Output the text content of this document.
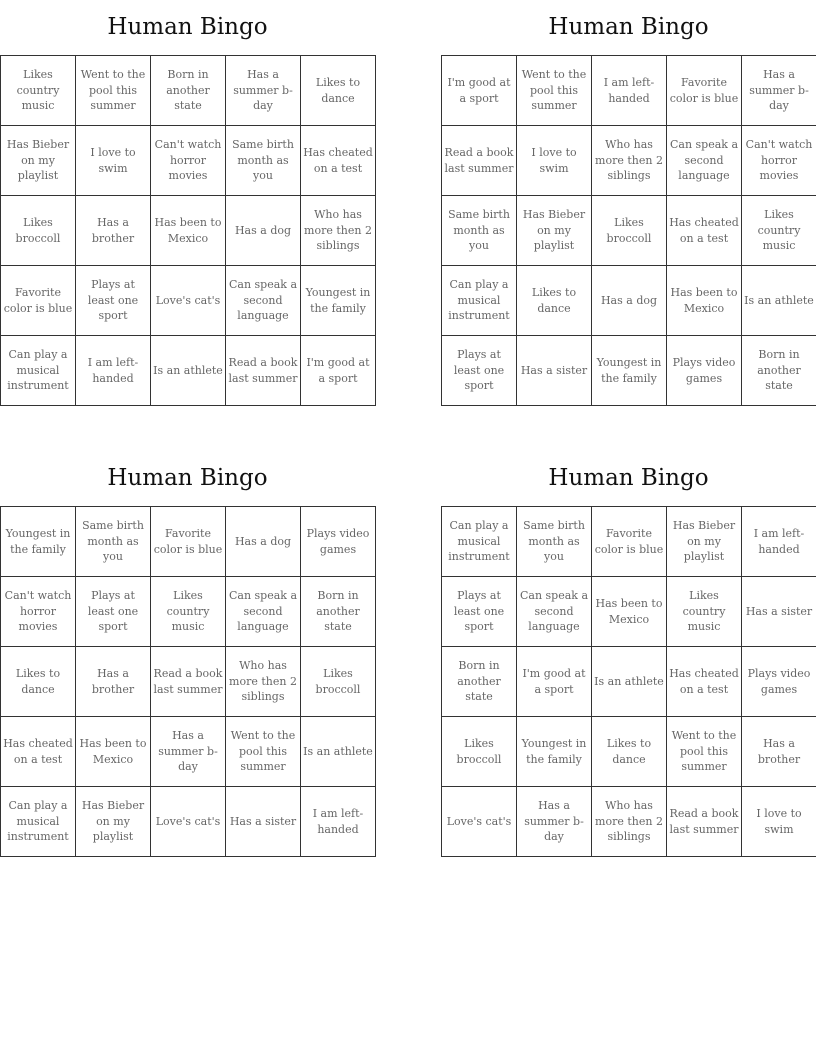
Human Bingo
Likes country music	Went to the pool this summer	Born in another state	Has a summer b-day	Likes to dance
Has Bieber on my playlist	I love to swim	Can't watch horror movies	Same birth month as you	Has cheated on a test
Likes broccoll	Has a brother	Has been to Mexico	Has a dog	Who has more then 2 siblings
Favorite color is blue	Plays at least one sport	Love's cat's	Can speak a second language	Youngest in the family
Can play a musical instrument	I am left-handed	Is an athlete	Read a book last summer	I'm good at a sport
Human Bingo
I'm good at a sport	Went to the pool this summer	I am left-handed	Favorite color is blue	Has a summer b-day
Read a book last summer	I love to swim	Who has more then 2 siblings	Can speak a second language	Can't watch horror movies
Same birth month as you	Has Bieber on my playlist	Likes broccoll	Has cheated on a test	Likes country music
Can play a musical instrument	Likes to dance	Has a dog	Has been to Mexico	Is an athlete
Plays at least one sport	Has a sister	Youngest in the family	Plays video games	Born in another state
Human Bingo
Youngest in the family	Same birth month as you	Favorite color is blue	Has a dog	Plays video games
Can't watch horror movies	Plays at least one sport	Likes country music	Can speak a second language	Born in another state
Likes to dance	Has a brother	Read a book last summer	Who has more then 2 siblings	Likes broccoll
Has cheated on a test	Has been to Mexico	Has a summer b-day	Went to the pool this summer	Is an athlete
Can play a musical instrument	Has Bieber on my playlist	Love's cat's	Has a sister	I am left-handed
Human Bingo
Can play a musical instrument	Same birth month as you	Favorite color is blue	Has Bieber on my playlist	I am left-handed
Plays at least one sport	Can speak a second language	Has been to Mexico	Likes country music	Has a sister
Born in another state	I'm good at a sport	Is an athlete	Has cheated on a test	Plays video games
Likes broccoll	Youngest in the family	Likes to dance	Went to the pool this summer	Has a brother
Love's cat's	Has a summer b-day	Who has more then 2 siblings	Read a book last summer	I love to swim
